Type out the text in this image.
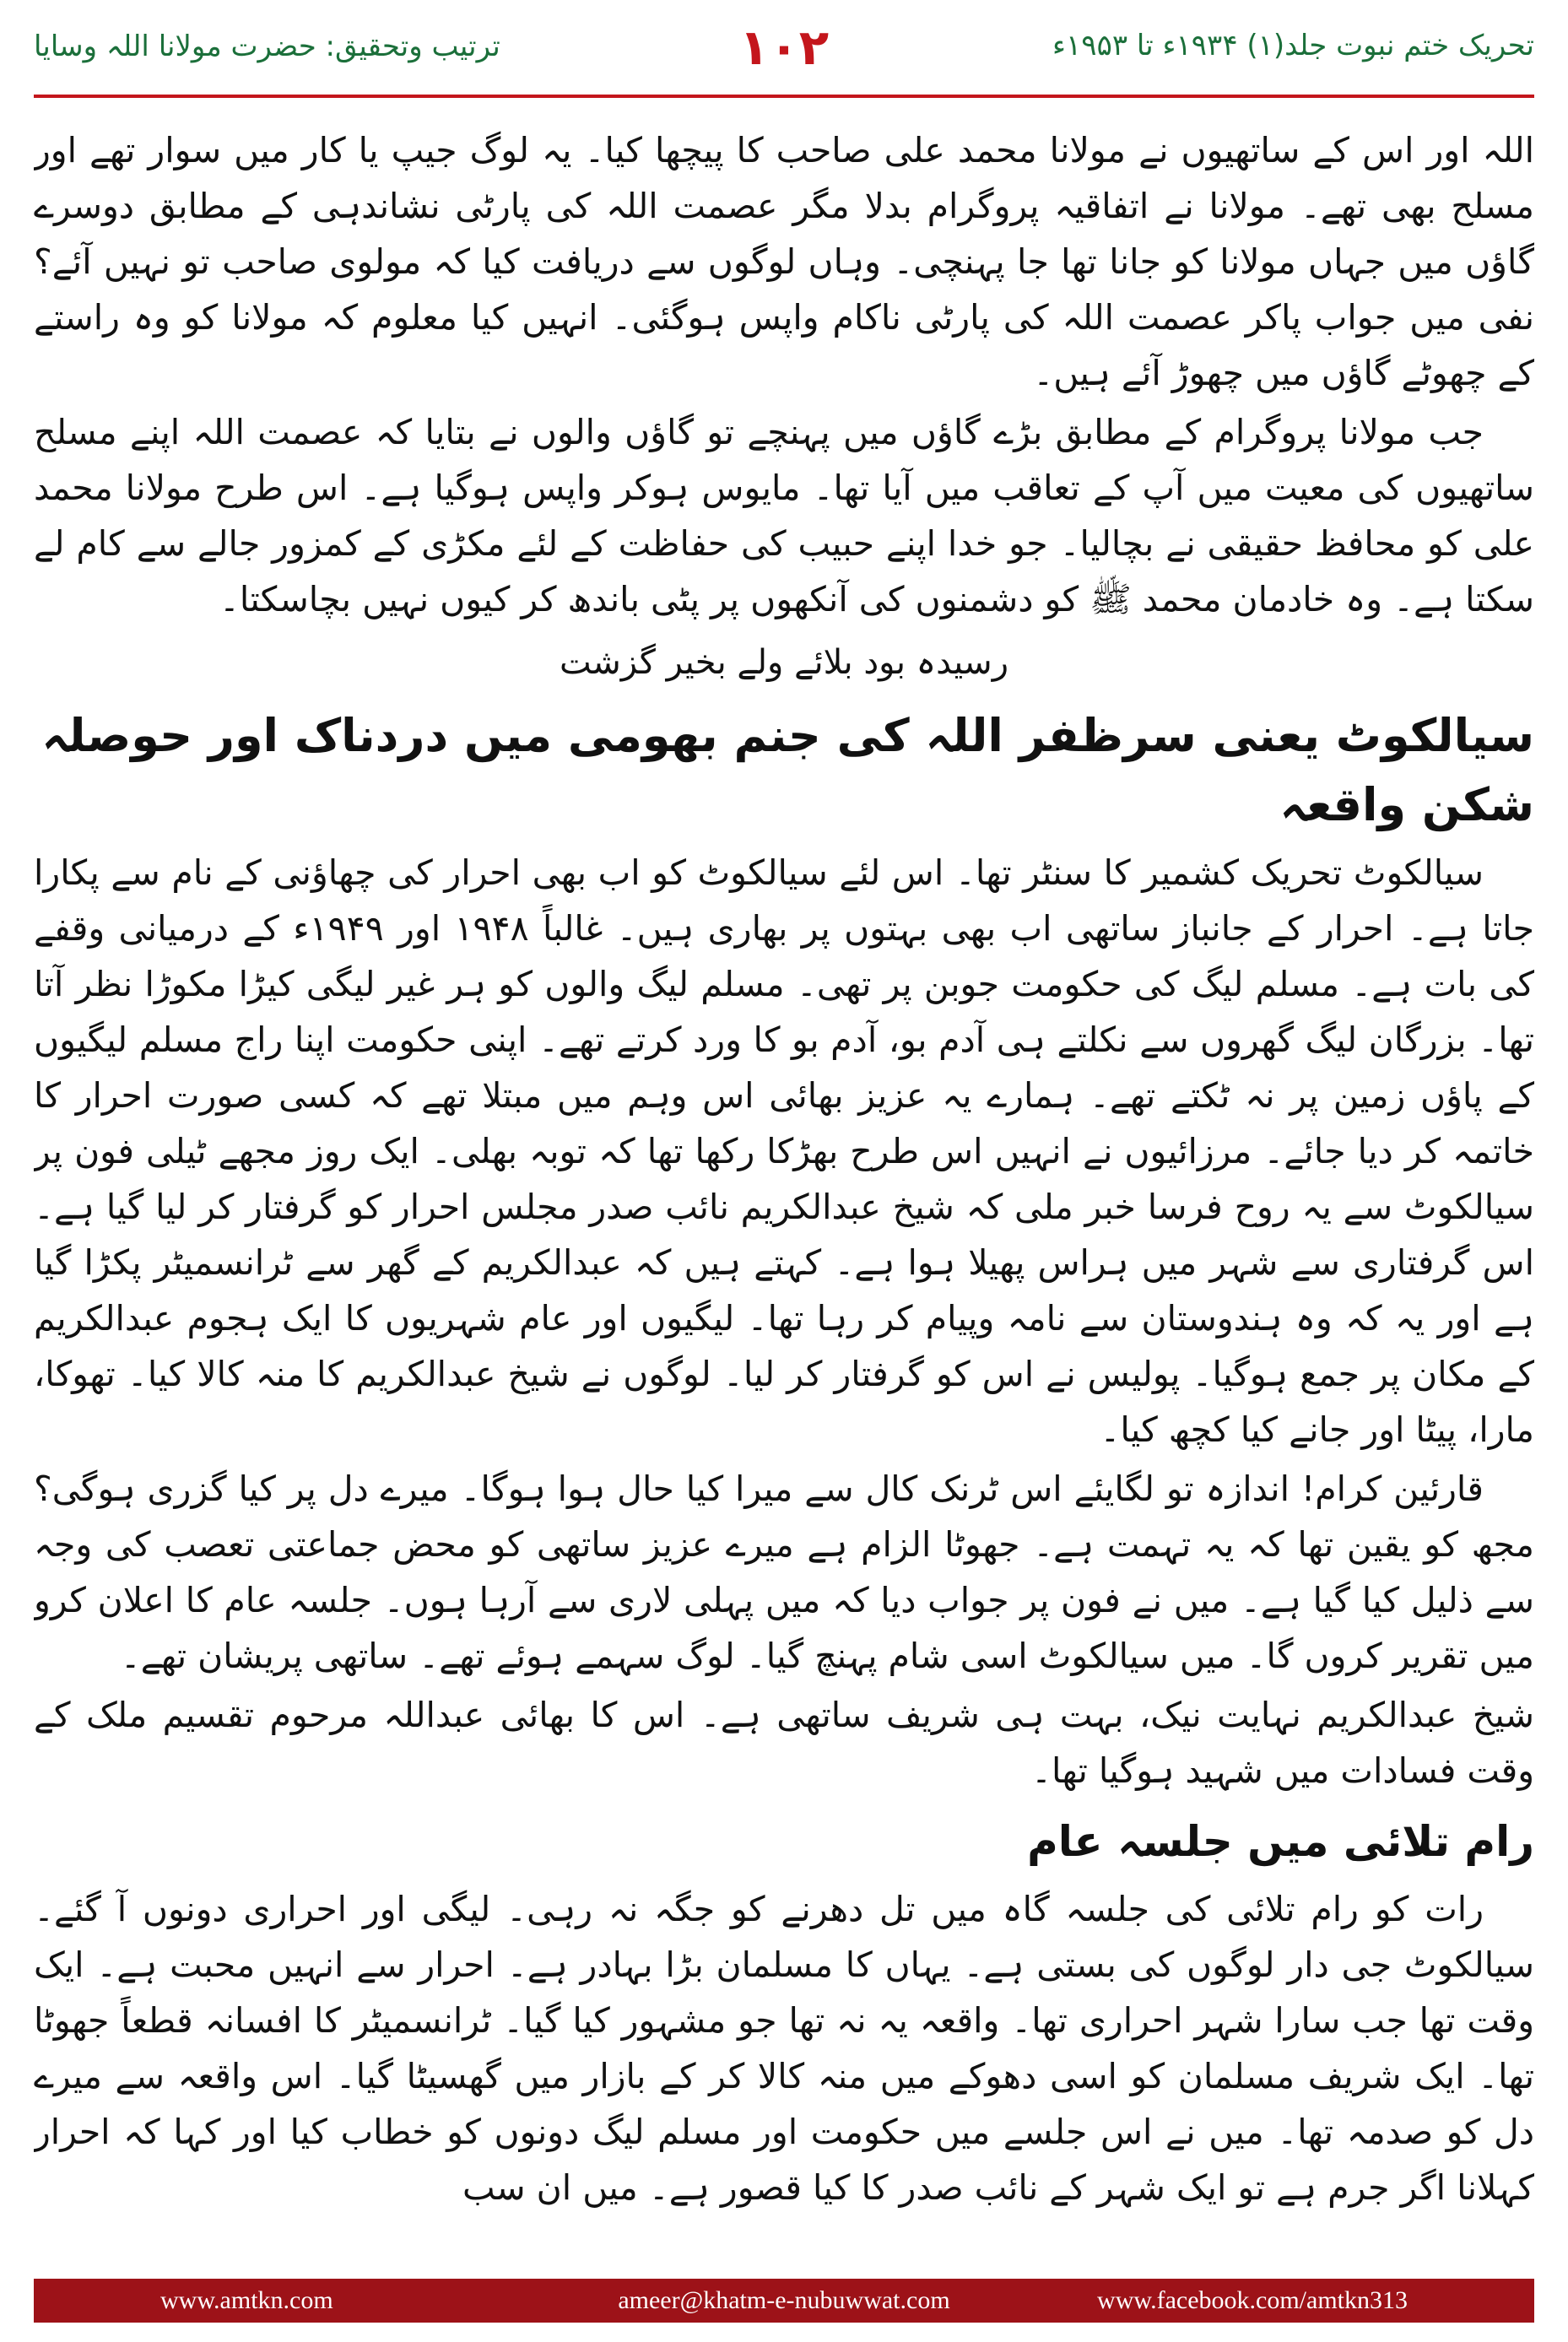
ترتیب وتحقیق: حضرت مولانا اللہ وسایا	۱۰۲	تحریک ختم نبوت جلد(۱) ۱۹۳۴ء تا ۱۹۵۳ء

اللہ اور اس کے ساتھیوں نے مولانا محمد علی صاحب کا پیچھا کیا۔ یہ لوگ جیپ یا کار میں سوار تھے اور مسلح بھی تھے۔ مولانا نے اتفاقیہ پروگرام بدلا مگر عصمت اللہ کی پارٹی نشاندہی کے مطابق دوسرے گاؤں میں جہاں مولانا کو جانا تھا جا پہنچی۔ وہاں لوگوں سے دریافت کیا کہ مولوی صاحب تو نہیں آئے؟ نفی میں جواب پاکر عصمت اللہ کی پارٹی ناکام واپس ہوگئی۔ انہیں کیا معلوم کہ مولانا کو وہ راستے کے چھوٹے گاؤں میں چھوڑ آئے ہیں۔

جب مولانا پروگرام کے مطابق بڑے گاؤں میں پہنچے تو گاؤں والوں نے بتایا کہ عصمت اللہ اپنے مسلح ساتھیوں کی معیت میں آپ کے تعاقب میں آیا تھا۔ مایوس ہوکر واپس ہوگیا ہے۔ اس طرح مولانا محمد علی کو محافظ حقیقی نے بچالیا۔ جو خدا اپنے حبیب کی حفاظت کے لئے مکڑی کے کمزور جالے سے کام لے سکتا ہے۔ وہ خادمان محمد ﷺ کو دشمنوں کی آنکھوں پر پٹی باندھ کر کیوں نہیں بچاسکتا۔

رسیدہ بود بلائے ولے بخیر گزشت
سیالکوٹ یعنی سرظفر اللہ کی جنم بھومی میں دردناک اور حوصلہ شکن واقعہ

سیالکوٹ تحریک کشمیر کا سنٹر تھا۔ اس لئے سیالکوٹ کو اب بھی احرار کی چھاؤنی کے نام سے پکارا جاتا ہے۔ احرار کے جانباز ساتھی اب بھی بہتوں پر بھاری ہیں۔ غالباً ۱۹۴۸ اور ۱۹۴۹ء کے درمیانی وقفے کی بات ہے۔ مسلم لیگ کی حکومت جوبن پر تھی۔ مسلم لیگ والوں کو ہر غیر لیگی کیڑا مکوڑا نظر آتا تھا۔ بزرگان لیگ گھروں سے نکلتے ہی آدم بو، آدم بو کا ورد کرتے تھے۔ اپنی حکومت اپنا راج مسلم لیگیوں کے پاؤں زمین پر نہ ٹکتے تھے۔ ہمارے یہ عزیز بھائی اس وہم میں مبتلا تھے کہ کسی صورت احرار کا خاتمہ کر دیا جائے۔ مرزائیوں نے انہیں اس طرح بھڑکا رکھا تھا کہ توبہ بھلی۔ ایک روز مجھے ٹیلی فون پر سیالکوٹ سے یہ روح فرسا خبر ملی کہ شیخ عبدالکریم نائب صدر مجلس احرار کو گرفتار کر لیا گیا ہے۔ اس گرفتاری سے شہر میں ہراس پھیلا ہوا ہے۔ کہتے ہیں کہ عبدالکریم کے گھر سے ٹرانسمیٹر پکڑا گیا ہے اور یہ کہ وہ ہندوستان سے نامہ وپیام کر رہا تھا۔ لیگیوں اور عام شہریوں کا ایک ہجوم عبدالکریم کے مکان پر جمع ہوگیا۔ پولیس نے اس کو گرفتار کر لیا۔ لوگوں نے شیخ عبدالکریم کا منہ کالا کیا۔ تھوکا، مارا، پیٹا اور جانے کیا کچھ کیا۔

قارئین کرام! اندازہ تو لگایئے اس ٹرنک کال سے میرا کیا حال ہوا ہوگا۔ میرے دل پر کیا گزری ہوگی؟ مجھ کو یقین تھا کہ یہ تہمت ہے۔ جھوٹا الزام ہے میرے عزیز ساتھی کو محض جماعتی تعصب کی وجہ سے ذلیل کیا گیا ہے۔ میں نے فون پر جواب دیا کہ میں پہلی لاری سے آرہا ہوں۔ جلسہ عام کا اعلان کرو میں تقریر کروں گا۔ میں سیالکوٹ اسی شام پہنچ گیا۔ لوگ سہمے ہوئے تھے۔ ساتھی پریشان تھے۔

شیخ عبدالکریم نہایت نیک، بہت ہی شریف ساتھی ہے۔ اس کا بھائی عبداللہ مرحوم تقسیم ملک کے وقت فسادات میں شہید ہوگیا تھا۔

رام تلائی میں جلسہ عام

رات کو رام تلائی کی جلسہ گاہ میں تل دھرنے کو جگہ نہ رہی۔ لیگی اور احراری دونوں آ گئے۔ سیالکوٹ جی دار لوگوں کی بستی ہے۔ یہاں کا مسلمان بڑا بہادر ہے۔ احرار سے انہیں محبت ہے۔ ایک وقت تھا جب سارا شہر احراری تھا۔ واقعہ یہ نہ تھا جو مشہور کیا گیا۔ ٹرانسمیٹر کا افسانہ قطعاً جھوٹا تھا۔ ایک شریف مسلمان کو اسی دھوکے میں منہ کالا کر کے بازار میں گھسیٹا گیا۔ اس واقعہ سے میرے دل کو صدمہ تھا۔ میں نے اس جلسے میں حکومت اور مسلم لیگ دونوں کو خطاب کیا اور کہا کہ احرار کہلانا اگر جرم ہے تو ایک شہر کے نائب صدر کا کیا قصور ہے۔ میں ان سب

www.amtkn.com	ameer@khatm-e-nubuwwat.com	www.facebook.com/amtkn313
